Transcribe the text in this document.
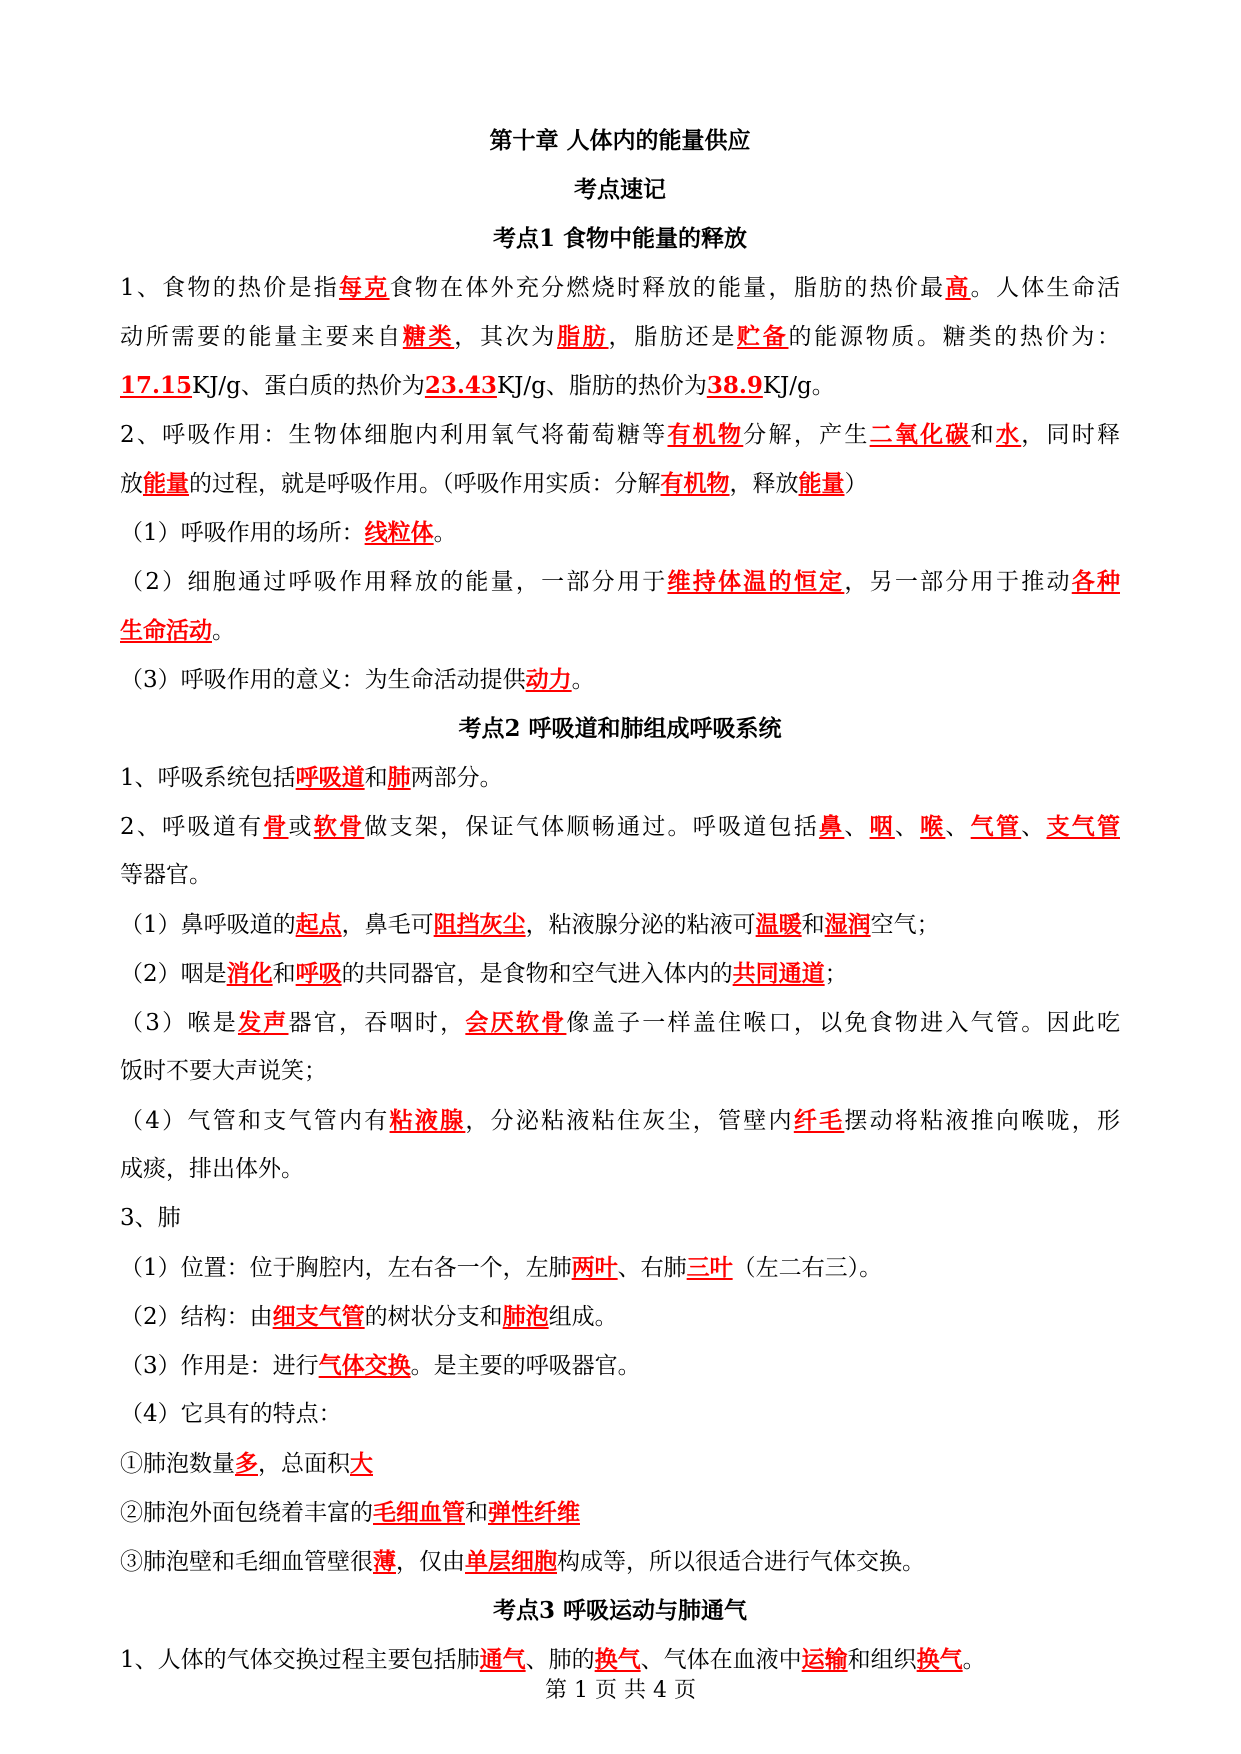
第十章 人体内的能量供应
考点速记
考点1 食物中能量的释放
1、食物的热价是指每克食物在体外充分燃烧时释放的能量，脂肪的热价最高。人体生命活
动所需要的能量主要来自糖类，其次为脂肪，脂肪还是贮备的能源物质。糖类的热价为：
17.15KJ/g、蛋白质的热价为23.43KJ/g、脂肪的热价为38.9KJ/g。
2、呼吸作用：生物体细胞内利用氧气将葡萄糖等有机物分解，产生二氧化碳和水，同时释
放能量的过程，就是呼吸作用。（呼吸作用实质：分解有机物，释放能量）
（1）呼吸作用的场所：线粒体。
（2）细胞通过呼吸作用释放的能量，一部分用于维持体温的恒定，另一部分用于推动各种
生命活动。
（3）呼吸作用的意义：为生命活动提供动力。
考点2 呼吸道和肺组成呼吸系统
1、呼吸系统包括呼吸道和肺两部分。
2、呼吸道有骨或软骨做支架，保证气体顺畅通过。呼吸道包括鼻、咽、喉、气管、支气管
等器官。
（1）鼻呼吸道的起点，鼻毛可阻挡灰尘，粘液腺分泌的粘液可温暖和湿润空气；
（2）咽是消化和呼吸的共同器官，是食物和空气进入体内的共同通道；
（3）喉是发声器官，吞咽时，会厌软骨像盖子一样盖住喉口，以免食物进入气管。因此吃
饭时不要大声说笑；
（4）气管和支气管内有粘液腺，分泌粘液粘住灰尘，管壁内纤毛摆动将粘液推向喉咙，形
成痰，排出体外。
3、肺
（1）位置：位于胸腔内，左右各一个，左肺两叶、右肺三叶（左二右三）。
（2）结构：由细支气管的树状分支和肺泡组成。
（3）作用是：进行气体交换。是主要的呼吸器官。
（4）它具有的特点：
①肺泡数量多，总面积大
②肺泡外面包绕着丰富的毛细血管和弹性纤维
③肺泡壁和毛细血管壁很薄，仅由单层细胞构成等，所以很适合进行气体交换。
考点3 呼吸运动与肺通气
1、人体的气体交换过程主要包括肺通气、肺的换气、气体在血液中运输和组织换气。
第 1 页 共 4 页
